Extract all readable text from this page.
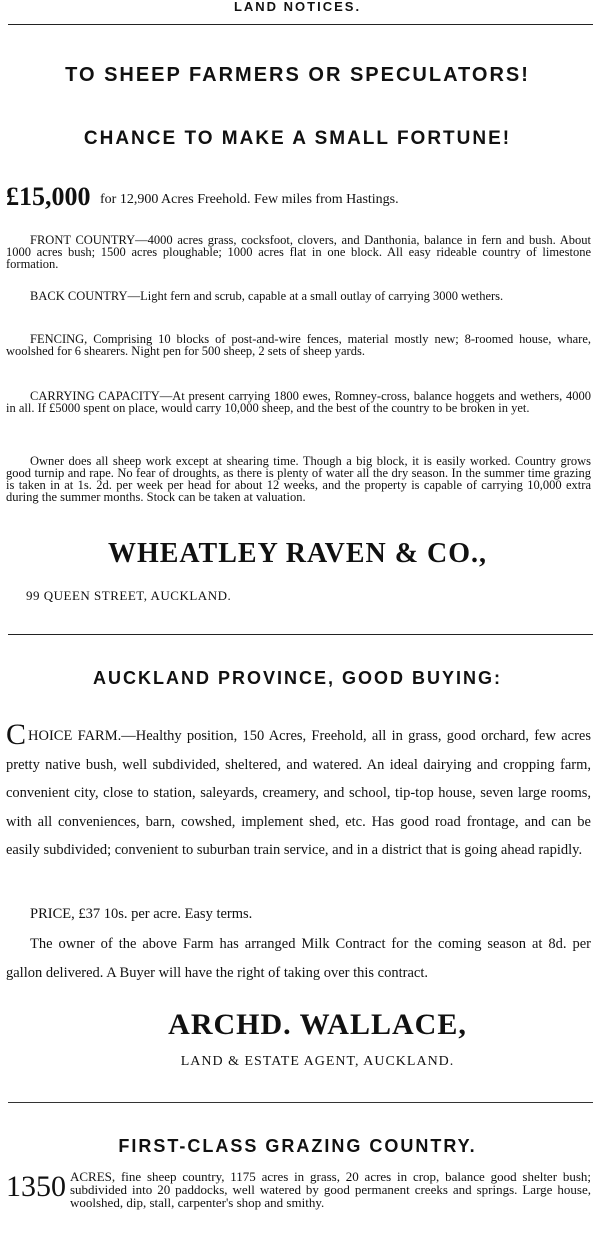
LAND NOTICES.
TO SHEEP FARMERS OR SPECULATORS!
CHANCE TO MAKE A SMALL FORTUNE!
£15,000 for 12,900 Acres Freehold. Few miles from Hastings.

FRONT COUNTRY—4000 acres grass, cocksfoot, clovers, and Danthonia, balance in fern and bush. About 1000 acres bush; 1500 acres ploughable; 1000 acres flat in one block. All easy rideable country of limestone formation.

BACK COUNTRY—Light fern and scrub, capable at a small outlay of carrying 3000 wethers.

FENCING, Comprising 10 blocks of post-and-wire fences, material mostly new; 8-roomed house, whare, woolshed for 6 shearers. Night pen for 500 sheep, 2 sets of sheep yards.

CARRYING CAPACITY—At present carrying 1800 ewes, Romney-cross, balance hoggets and wethers, 4000 in all. If £5000 spent on place, would carry 10,000 sheep, and the best of the country to be broken in yet.

Owner does all sheep work except at shearing time. Though a big block, it is easily worked. Country grows good turnip and rape. No fear of droughts, as there is plenty of water all the dry season. In the summer time grazing is taken in at 1s. 2d. per week per head for about 12 weeks, and the property is capable of carrying 10,000 extra during the summer months. Stock can be taken at valuation.

WHEATLEY RAVEN & CO.,
99 QUEEN STREET, AUCKLAND.
AUCKLAND PROVINCE, GOOD BUYING:
CHOICE FARM.—Healthy position, 150 Acres, Freehold, all in grass, good orchard, few acres pretty native bush, well subdivided, sheltered, and watered. An ideal dairying and cropping farm, convenient city, close to station, saleyards, creamery, and school, tip-top house, seven large rooms, with all conveniences, barn, cowshed, implement shed, etc. Has good road frontage, and can be easily subdivided; convenient to suburban train service, and in a district that is going ahead rapidly.

PRICE, £37 10s. per acre. Easy terms.

The owner of the above Farm has arranged Milk Contract for the coming season at 8d. per gallon delivered. A Buyer will have the right of taking over this contract.

ARCHD. WALLACE,
LAND & ESTATE AGENT, AUCKLAND.
FIRST-CLASS GRAZING COUNTRY.
1350 ACRES, fine sheep country, 1175 acres in grass, 20 acres in crop, balance good shelter bush; subdivided into 20 paddocks, well watered by good permanent creeks and springs. Large house, woolshed, dip, stall, carpenter's shop and smithy.
